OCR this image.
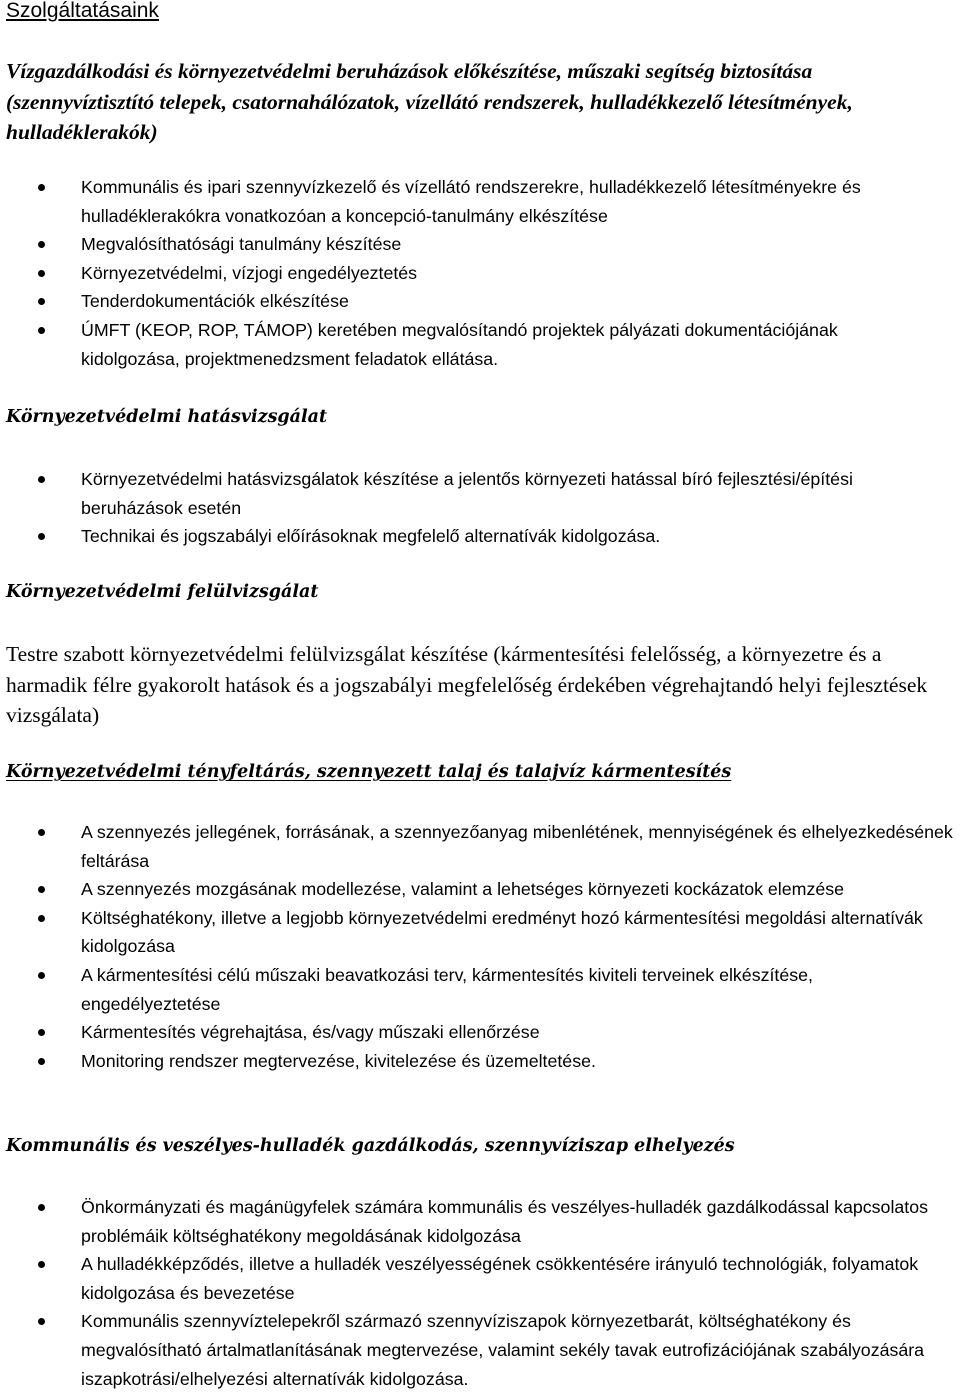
Szolgáltatásaink
Vízgazdálkodási és környezetvédelmi beruházások előkészítése, műszaki segítség biztosítása (szennyvíztisztító telepek, csatornahálózatok, vízellátó rendszerek, hulladékkezelő létesítmények, hulladéklerakók)
Kommunális és ipari szennyvízkezelő és vízellátó rendszerekre, hulladékkezelő létesítményekre és hulladéklerakókra vonatkozóan a koncepció-tanulmány elkészítése
Megvalósíthatósági tanulmány készítése
Környezetvédelmi, vízjogi engedélyeztetés
Tenderdokumentációk elkészítése
ÚMFT (KEOP, ROP, TÁMOP) keretében megvalósítandó projektek pályázati dokumentációjának kidolgozása, projektmenedzsment feladatok ellátása.
Környezetvédelmi hatásvizsgálat
Környezetvédelmi hatásvizsgálatok készítése a jelentős környezeti hatással bíró fejlesztési/építési beruházások esetén
Technikai és jogszabályi előírásoknak megfelelő alternatívák kidolgozása.
Környezetvédelmi felülvizsgálat
Testre szabott környezetvédelmi felülvizsgálat készítése (kármentesítési felelősség, a környezetre és a harmadik félre gyakorolt hatások és a jogszabályi megfelelőség érdekében végrehajtandó helyi fejlesztések vizsgálata)
Környezetvédelmi tényfeltárás, szennyezett talaj és talajvíz kármentesítés
A szennyezés jellegének, forrásának, a szennyezőanyag mibenlétének, mennyiségének és elhelyezkedésének feltárása
A szennyezés mozgásának modellezése, valamint a lehetséges környezeti kockázatok elemzése
Költséghatékony, illetve a legjobb környezetvédelmi eredményt hozó kármentesítési megoldási alternatívák kidolgozása
A kármentesítési célú műszaki beavatkozási terv, kármentesítés kiviteli terveinek elkészítése, engedélyeztetése
Kármentesítés végrehajtása, és/vagy műszaki ellenőrzése
Monitoring rendszer megtervezése, kivitelezése és üzemeltetése.
Kommunális és veszélyes-hulladék gazdálkodás, szennyvíziszap elhelyezés
Önkormányzati és magánügyfelek számára kommunális és veszélyes-hulladék gazdálkodással kapcsolatos problémáik költséghatékony megoldásának kidolgozása
A hulladékképződés, illetve a hulladék veszélyességének csökkentésére irányuló technológiák, folyamatok kidolgozása és bevezetése
Kommunális szennyvíztelepekről származó szennyvíziszapok környezetbarát, költséghatékony és megvalósítható ártalmatlanításának megtervezése, valamint sekély tavak eutrofizációjának szabályozására iszapkotrási/elhelyezési alternatívák kidolgozása.
